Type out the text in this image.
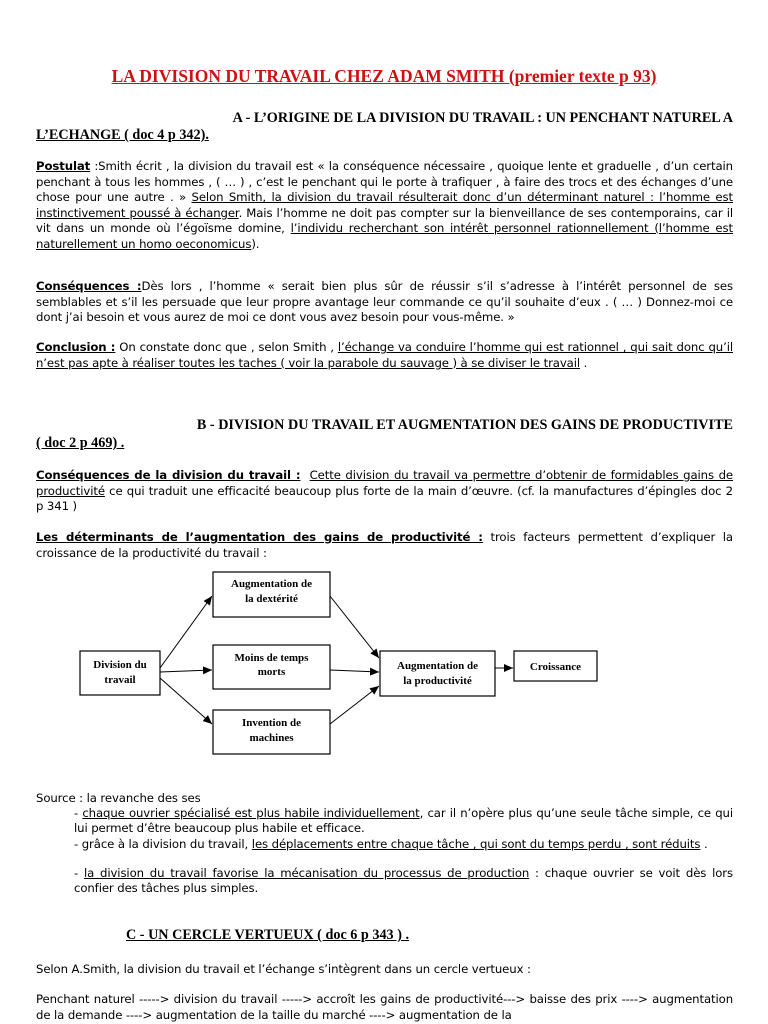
LA DIVISION DU TRAVAIL CHEZ ADAM SMITH (premier texte p 93)
A - L’ORIGINE DE LA DIVISION DU TRAVAIL : UN PENCHANT NATUREL A
L’ECHANGE ( doc 4 p 342).
Postulat :Smith écrit , la division du travail est « la conséquence nécessaire , quoique lente et graduelle , d’un certain penchant à tous les hommes , ( … ) , c’est le penchant qui le porte à trafiquer , à faire des trocs et des échanges d’une chose pour une autre . » Selon Smith, la division du travail résulterait donc d’un déterminant naturel : l’homme est instinctivement poussé à échanger. Mais l’homme ne doit pas compter sur la bienveillance de ses contemporains, car il vit dans un monde où l’égoïsme domine, l’individu recherchant son intérêt personnel rationnellement (l’homme est naturellement un homo oeconomicus).
Conséquences :Dès lors , l’homme « serait bien plus sûr de réussir s’il s’adresse à l’intérêt personnel de ses semblables et s’il les persuade que leur propre avantage leur commande ce qu’il souhaite d’eux . ( … ) Donnez-moi ce dont j’ai besoin et vous aurez de moi ce dont vous avez besoin pour vous-même. »
Conclusion : On constate donc que , selon Smith , l’échange va conduire l’homme qui est rationnel , qui sait donc qu’il n’est pas apte à réaliser toutes les taches ( voir la parabole du sauvage ) à se diviser le travail .
B - DIVISION DU TRAVAIL ET AUGMENTATION DES GAINS DE PRODUCTIVITE
( doc 2 p 469) .
Conséquences de la division du travail : Cette division du travail va permettre d’obtenir de formidables gains de productivité ce qui traduit une efficacité beaucoup plus forte de la main d’œuvre. (cf. la manufactures d’épingles doc 2 p 341 )
Les déterminants de l’augmentation des gains de productivité : trois facteurs permettent d’expliquer la croissance de la productivité du travail :
Division du
travail
Augmentation de
la dextérité
Moins de temps
morts
Invention de
machines
Augmentation de
la productivité
Croissance
Source : la revanche des ses
- chaque ouvrier spécialisé est plus habile individuellement, car il n’opère plus qu’une seule tâche simple, ce qui lui permet d’être beaucoup plus habile et efficace.
- grâce à la division du travail, les déplacements entre chaque tâche , qui sont du temps perdu , sont réduits .
- la division du travail favorise la mécanisation du processus de production : chaque ouvrier se voit dès lors confier des tâches plus simples.
C - UN CERCLE VERTUEUX ( doc 6 p 343 ) .
Selon A.Smith, la division du travail et l’échange s’intègrent dans un cercle vertueux :
Penchant naturel -----> division du travail -----> accroît les gains de productivité---> baisse des prix ----> augmentation de la demande ----> augmentation de la taille du marché ----> augmentation de la
